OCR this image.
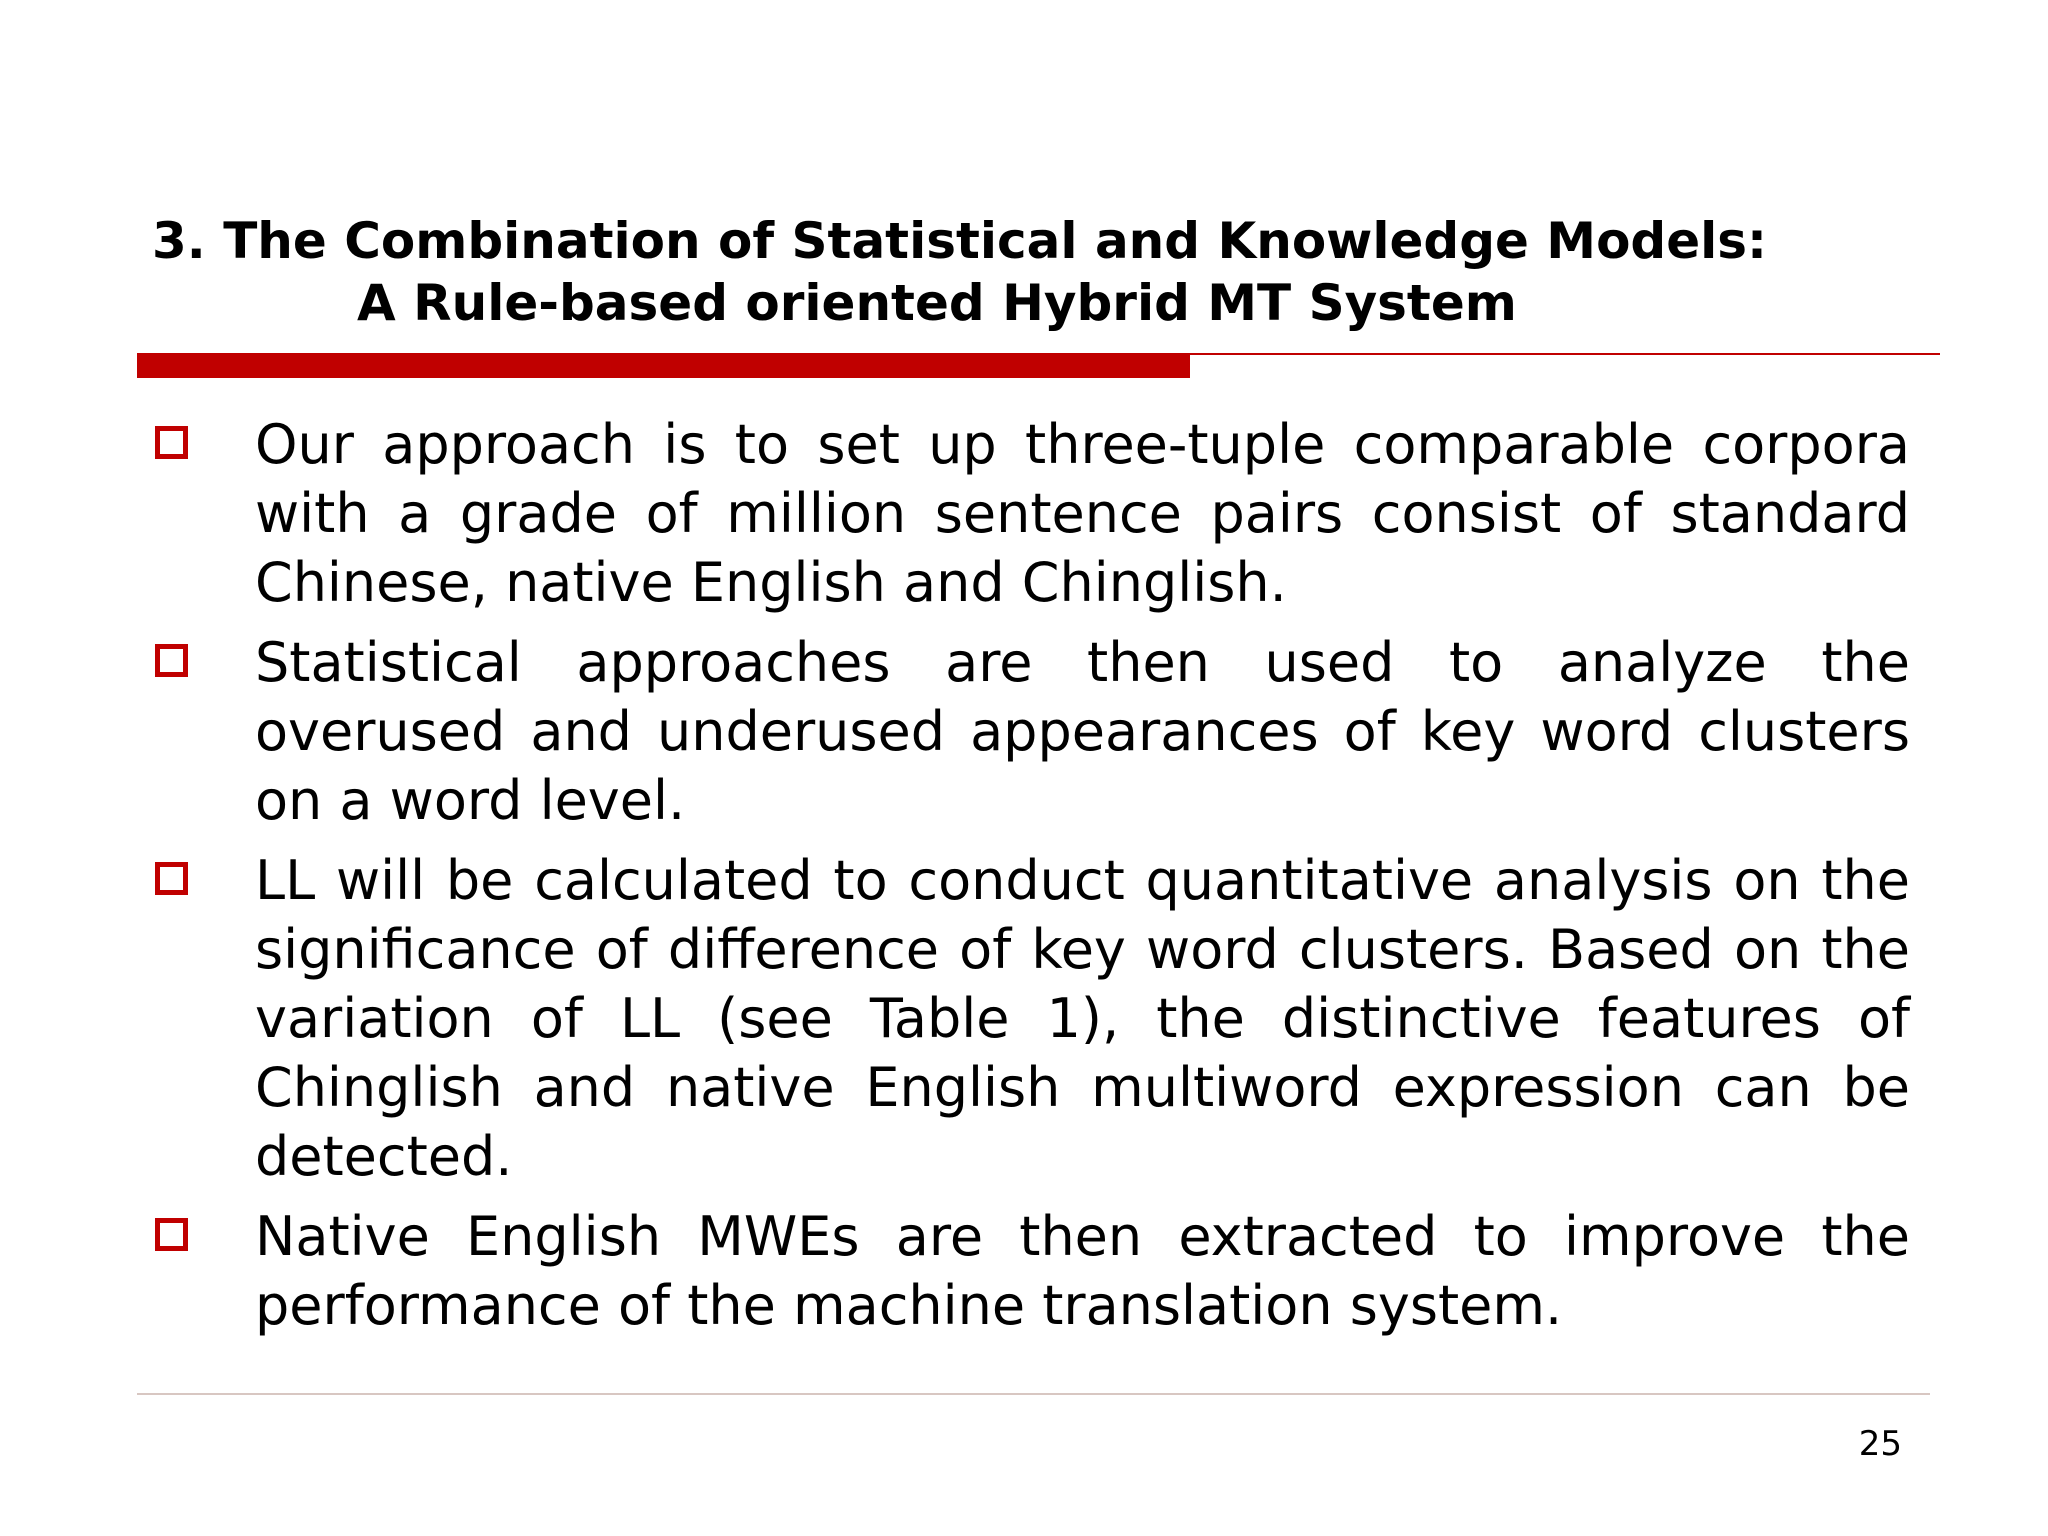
3. The Combination of Statistical and Knowledge Models:
A Rule-based oriented Hybrid MT System
Our approach is to set up three-tuple comparable corpora with a grade of million sentence pairs consist of standard Chinese, native English and Chinglish.
Statistical approaches are then used to analyze the overused and underused appearances of key word clusters on a word level.
LL will be calculated to conduct quantitative analysis on the significance of difference of key word clusters. Based on the variation of LL (see Table 1), the distinctive features of Chinglish and native English multiword expression can be detected.
Native English MWEs are then extracted to improve the performance of the machine translation system.
25
